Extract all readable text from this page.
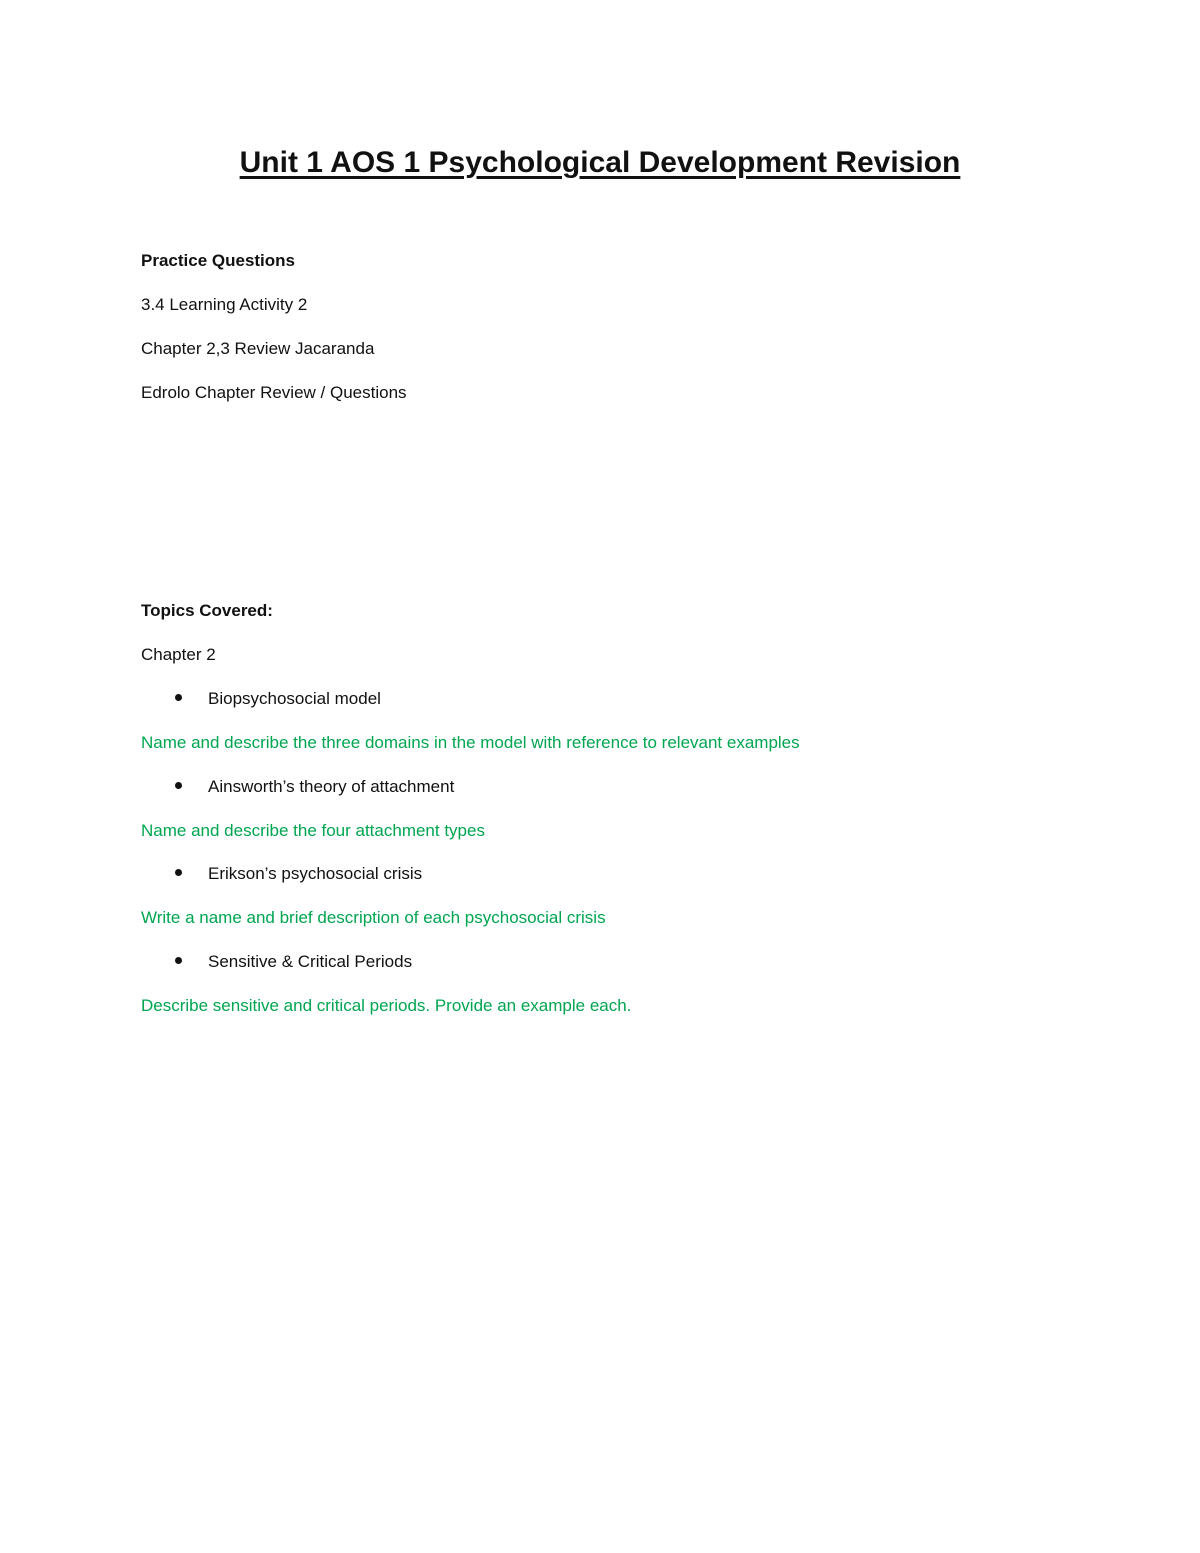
Unit 1 AOS 1 Psychological Development Revision

Practice Questions

3.4 Learning Activity 2

Chapter 2,3 Review Jacaranda

Edrolo Chapter Review / Questions

Topics Covered:

Chapter 2

Biopsychosocial model

Name and describe the three domains in the model with reference to relevant examples

Ainsworth’s theory of attachment

Name and describe the four attachment types

Erikson’s psychosocial crisis

Write a name and brief description of each psychosocial crisis

Sensitive & Critical Periods

Describe sensitive and critical periods. Provide an example each.
